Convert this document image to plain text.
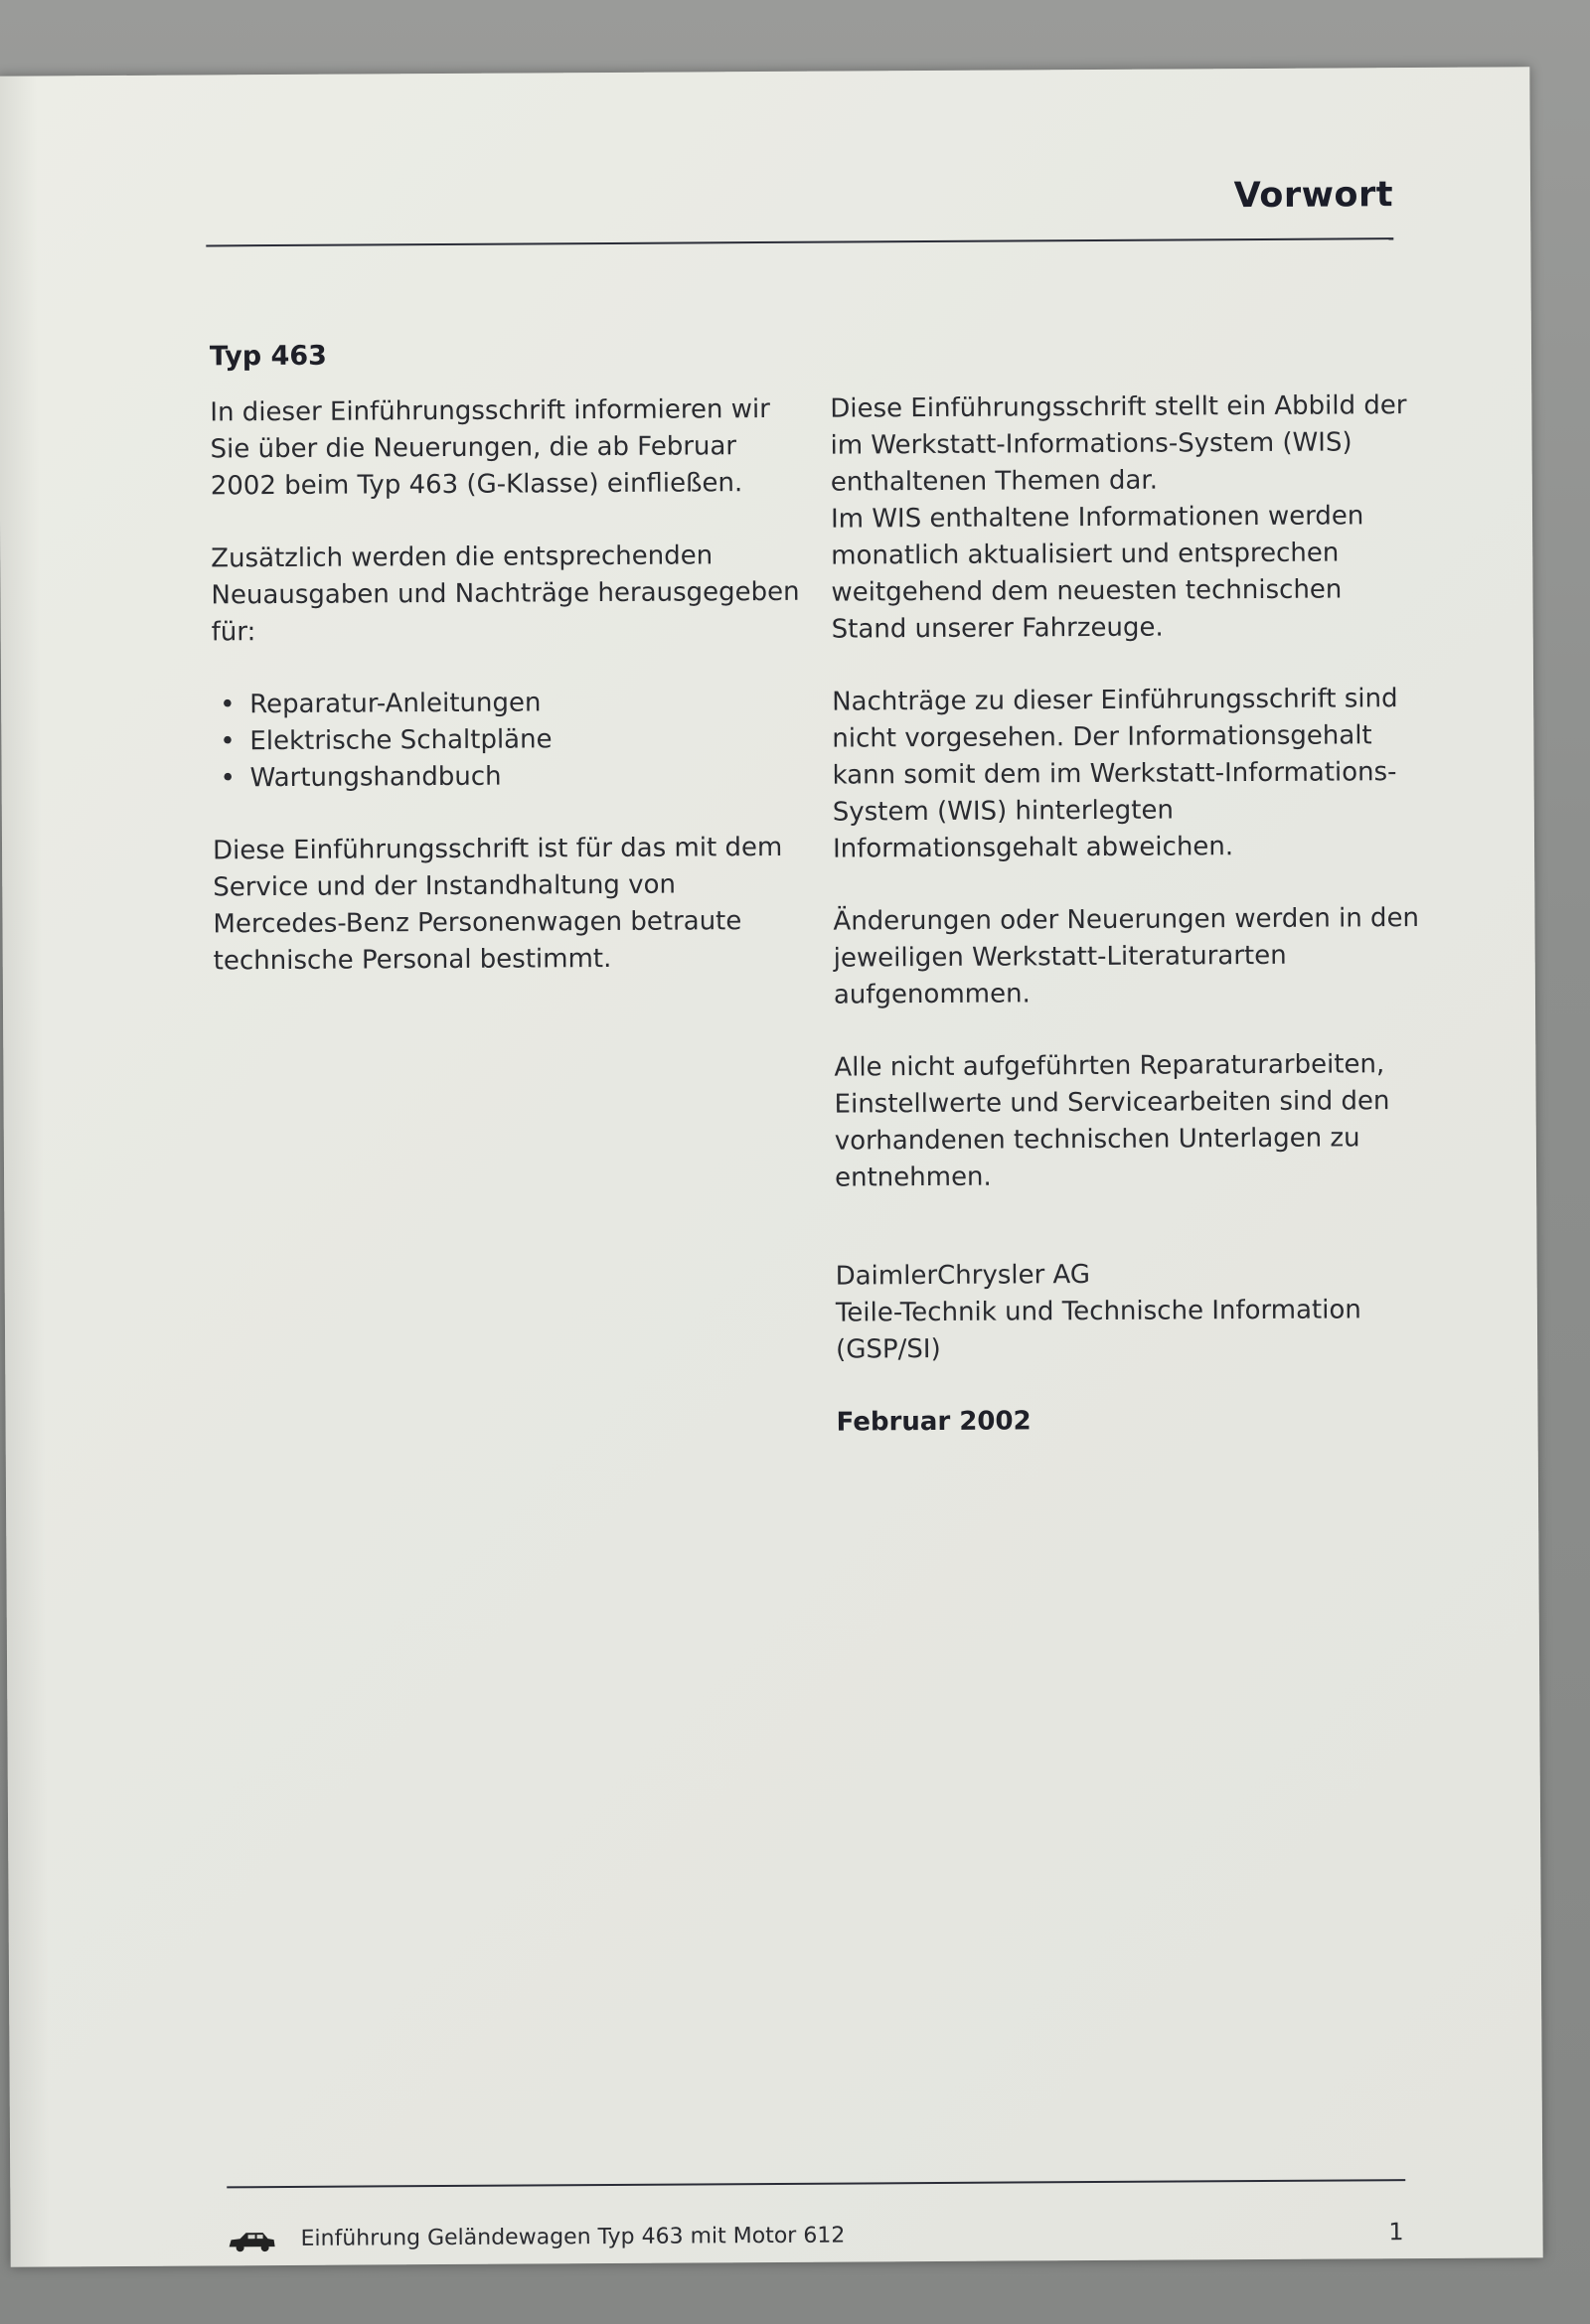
Vorwort
Typ 463

In dieser Einführungsschrift informieren wir
Sie über die Neuerungen, die ab Februar
2002 beim Typ 463 (G-Klasse) einfließen.

Zusätzlich werden die entsprechenden
Neuausgaben und Nachträge herausgegeben
für:

• Reparatur-Anleitungen
• Elektrische Schaltpläne
• Wartungshandbuch

Diese Einführungsschrift ist für das mit dem
Service und der Instandhaltung von
Mercedes-Benz Personenwagen betraute
technische Personal bestimmt.

Diese Einführungsschrift stellt ein Abbild der
im Werkstatt-Informations-System (WIS)
enthaltenen Themen dar.
Im WIS enthaltene Informationen werden
monatlich aktualisiert und entsprechen
weitgehend dem neuesten technischen
Stand unserer Fahrzeuge.

Nachträge zu dieser Einführungsschrift sind
nicht vorgesehen. Der Informationsgehalt
kann somit dem im Werkstatt-Informations-
System (WIS) hinterlegten
Informationsgehalt abweichen.

Änderungen oder Neuerungen werden in den
jeweiligen Werkstatt-Literaturarten
aufgenommen.

Alle nicht aufgeführten Reparaturarbeiten,
Einstellwerte und Servicearbeiten sind den
vorhandenen technischen Unterlagen zu
entnehmen.

DaimlerChrysler AG
Teile-Technik und Technische Information
(GSP/SI)
Februar 2002
Einführung Geländewagen Typ 463 mit Motor 612	1
